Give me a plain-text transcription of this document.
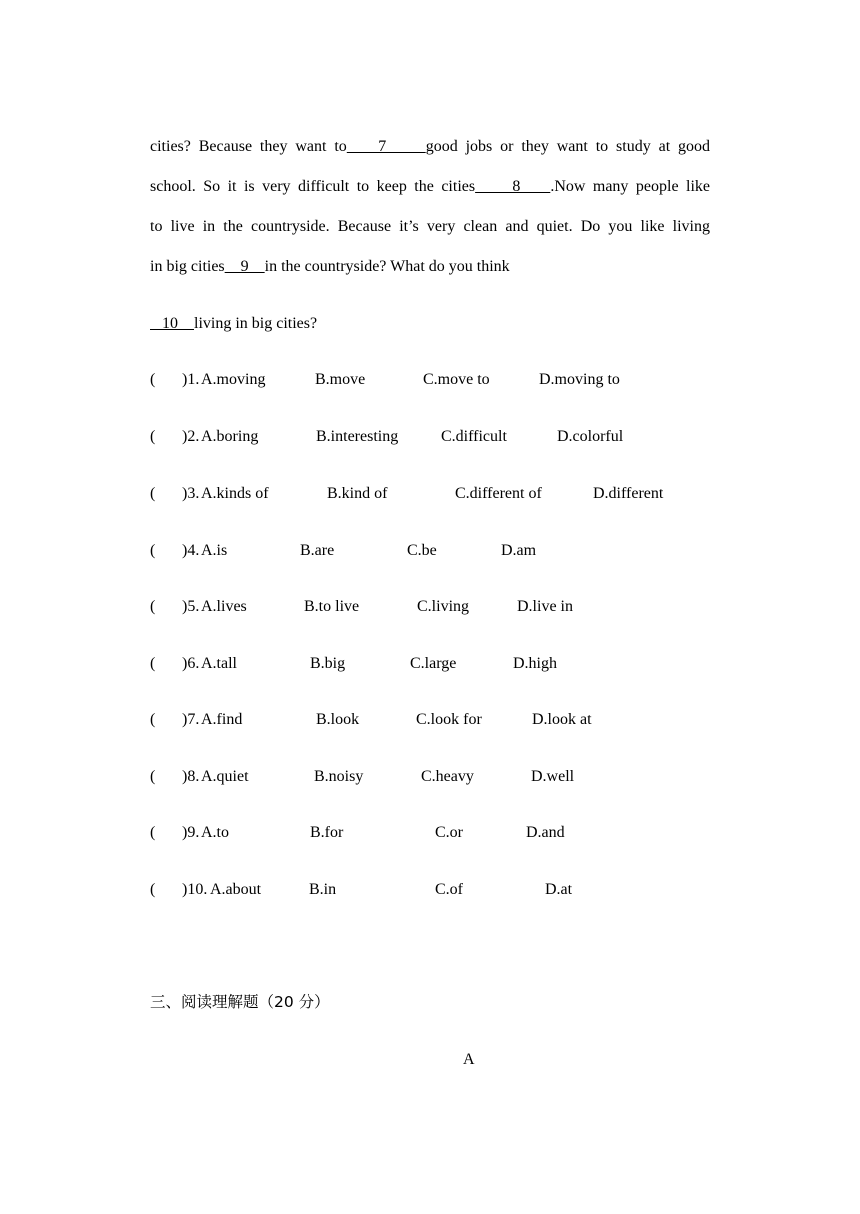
cities? Because they want to    7     good jobs or they want to study at good
school. So it is very difficult to keep the cities     8    .Now many people like
to live in the countryside. Because it’s very clean and quiet. Do you like living
in big cities    9    in the countryside? What do you think
10    living in big cities?
( )1. A.moving	B.move	C.move to	D.moving to
( )2. A.boring	B.interesting	C.difficult	D.colorful
( )3. A.kinds of	B.kind of	C.different of	D.different
( )4. A.is	B.are	C.be	D.am
( )5. A.lives	B.to live	C.living	D.live in
( )6. A.tall	B.big	C.large	D.high
( )7. A.find	B.look	C.look for	D.look at
( )8. A.quiet	B.noisy	C.heavy	D.well
( )9. A.to	B.for	C.or	D.and
( )10. A.about	B.in	C.of	D.at
三、阅读理解题（20 分）
A
